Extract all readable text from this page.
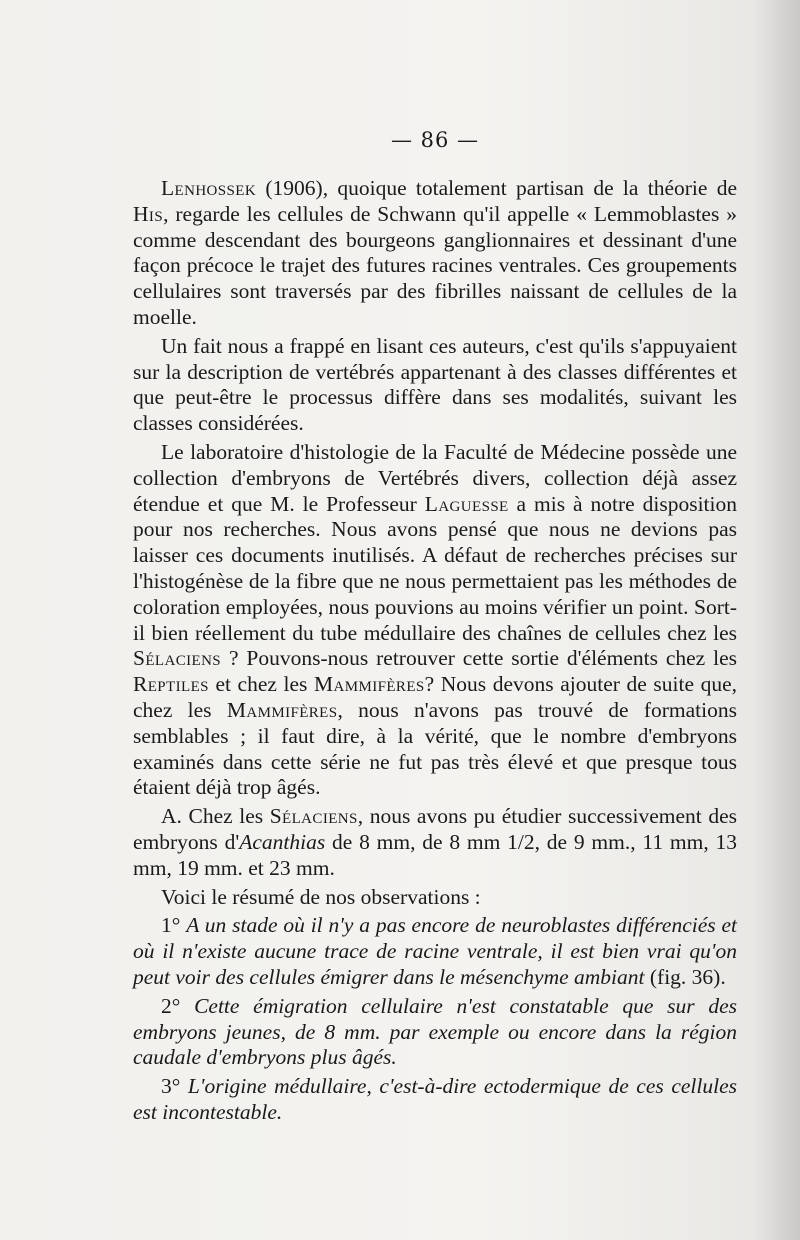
— 86 —

Lenhossek (1906), quoique totalement partisan de la théorie de His, regarde les cellules de Schwann qu'il appelle « Lemmoblastes » comme descendant des bourgeons ganglionnaires et dessinant d'une façon précoce le trajet des futures racines ventrales. Ces groupements cellulaires sont traversés par des fibrilles naissant de cellules de la moelle.

Un fait nous a frappé en lisant ces auteurs, c'est qu'ils s'appuyaient sur la description de vertébrés appartenant à des classes différentes et que peut-être le processus diffère dans ses modalités, suivant les classes considérées.

Le laboratoire d'histologie de la Faculté de Médecine possède une collection d'embryons de Vertébrés divers, collection déjà assez étendue et que M. le Professeur Laguesse a mis à notre disposition pour nos recherches. Nous avons pensé que nous ne devions pas laisser ces documents inutilisés. A défaut de recherches précises sur l'histogénèse de la fibre que ne nous permettaient pas les méthodes de coloration employées, nous pouvions au moins vérifier un point. Sort-il bien réellement du tube médullaire des chaînes de cellules chez les Sélaciens ? Pouvons-nous retrouver cette sortie d'éléments chez les Reptiles et chez les Mammifères? Nous devons ajouter de suite que, chez les Mammifères, nous n'avons pas trouvé de formations semblables ; il faut dire, à la vérité, que le nombre d'embryons examinés dans cette série ne fut pas très élevé et que presque tous étaient déjà trop âgés.

A. Chez les Sélaciens, nous avons pu étudier successivement des embryons d'Acanthias de 8 mm, de 8 mm 1/2, de 9 mm., 11 mm, 13 mm, 19 mm. et 23 mm.

Voici le résumé de nos observations :

1° A un stade où il n'y a pas encore de neuroblastes différenciés et où il n'existe aucune trace de racine ventrale, il est bien vrai qu'on peut voir des cellules émigrer dans le mésenchyme ambiant (fig. 36).

2° Cette émigration cellulaire n'est constatable que sur des embryons jeunes, de 8 mm. par exemple ou encore dans la région caudale d'embryons plus âgés.

3° L'origine médullaire, c'est-à-dire ectodermique de ces cellules est incontestable.
